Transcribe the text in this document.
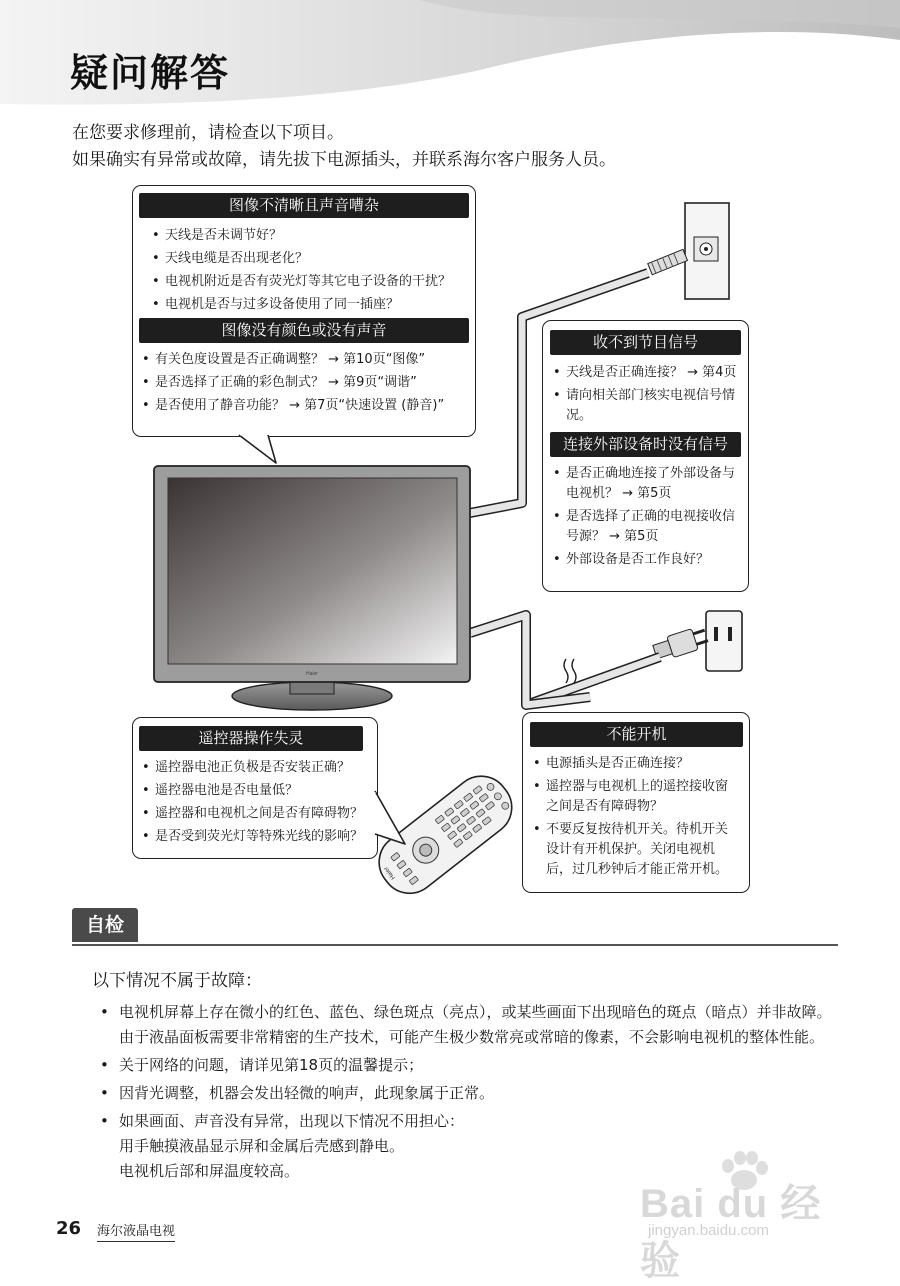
疑问解答
在您要求修理前，请检查以下项目。
如果确实有异常或故障，请先拔下电源插头，并联系海尔客户服务人员。
Haier
Haier
图像不清晰且声音嘈杂
• 天线是否未调节好？
• 天线电缆是否出现老化？
• 电视机附近是否有荧光灯等其它电子设备的干扰？
• 电视机是否与过多设备使用了同一插座？
图像没有颜色或没有声音
• 有关色度设置是否正确调整？ → 第10页“图像”
• 是否选择了正确的彩色制式？ → 第9页“调谐”
• 是否使用了静音功能？ → 第7页“快速设置 (静音)”
收不到节目信号
• 天线是否正确连接？ → 第4页
• 请向相关部门核实电视信号情况。
连接外部设备时没有信号
• 是否正确地连接了外部设备与电视机？ → 第5页
• 是否选择了正确的电视接收信号源？ → 第5页
• 外部设备是否工作良好？
遥控器操作失灵
• 遥控器电池正负极是否安装正确？
• 遥控器电池是否电量低？
• 遥控器和电视机之间是否有障碍物？
• 是否受到荧光灯等特殊光线的影响？
不能开机
• 电源插头是否正确连接？
• 遥控器与电视机上的遥控接收窗之间是否有障碍物？
• 不要反复按待机开关。待机开关设计有开机保护。关闭电视机后，过几秒钟后才能正常开机。
自检
以下情况不属于故障：

• 电视机屏幕上存在微小的红色、蓝色、绿色斑点（亮点），或某些画面下出现暗色的斑点（暗点）并非故障。由于液晶面板需要非常精密的生产技术，可能产生极少数常亮或常暗的像素，不会影响电视机的整体性能。

• 关于网络的问题，请详见第18页的温馨提示；

• 因背光调整，机器会发出轻微的响声，此现象属于正常。

• 如果画面、声音没有异常，出现以下情况不用担心：

用手触摸液晶显示屏和金属后壳感到静电。

电视机后部和屏温度较高。

26 海尔液晶电视
Bai du 经验
jingyan.baidu.com
